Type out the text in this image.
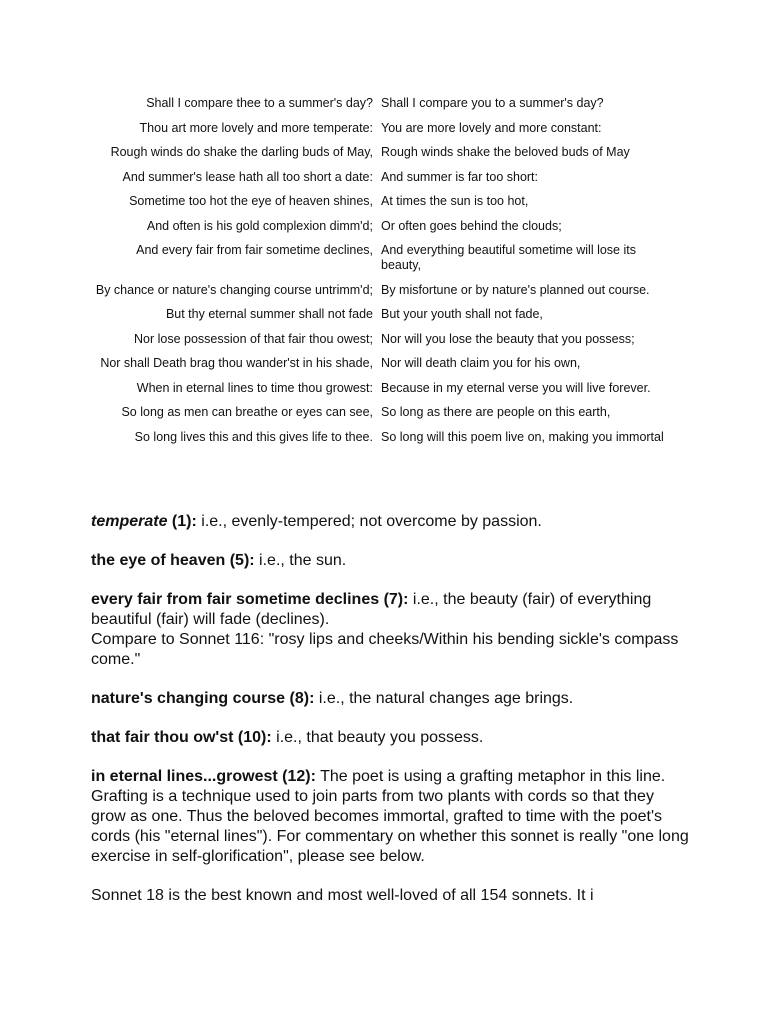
Shall I compare thee to a summer's day? Shall I compare you to a summer's day?
Thou art more lovely and more temperate: You are more lovely and more constant:
Rough winds do shake the darling buds of May, Rough winds shake the beloved buds of May
And summer's lease hath all too short a date: And summer is far too short:
Sometime too hot the eye of heaven shines, At times the sun is too hot,
And often is his gold complexion dimm'd; Or often goes behind the clouds;
And every fair from fair sometime declines, And everything beautiful sometime will lose its beauty,
By chance or nature's changing course untrimm'd; By misfortune or by nature's planned out course.
But thy eternal summer shall not fade But your youth shall not fade,
Nor lose possession of that fair thou owest; Nor will you lose the beauty that you possess;
Nor shall Death brag thou wander'st in his shade, Nor will death claim you for his own,
When in eternal lines to time thou growest: Because in my eternal verse you will live forever.
So long as men can breathe or eyes can see, So long as there are people on this earth,
So long lives this and this gives life to thee. So long will this poem live on, making you immortal

temperate (1): i.e., evenly-tempered; not overcome by passion.

the eye of heaven (5): i.e., the sun.

every fair from fair sometime declines (7): i.e., the beauty (fair) of everything beautiful (fair) will fade (declines).
Compare to Sonnet 116: "rosy lips and cheeks/Within his bending sickle's compass come."

nature's changing course (8): i.e., the natural changes age brings.

that fair thou ow'st (10): i.e., that beauty you possess.

in eternal lines...growest (12): The poet is using a grafting metaphor in this line. Grafting is a technique used to join parts from two plants with cords so that they grow as one. Thus the beloved becomes immortal, grafted to time with the poet's cords (his "eternal lines"). For commentary on whether this sonnet is really "one long exercise in self-glorification", please see below.

Sonnet 18 is the best known and most well-loved of all 154 sonnets. It i
